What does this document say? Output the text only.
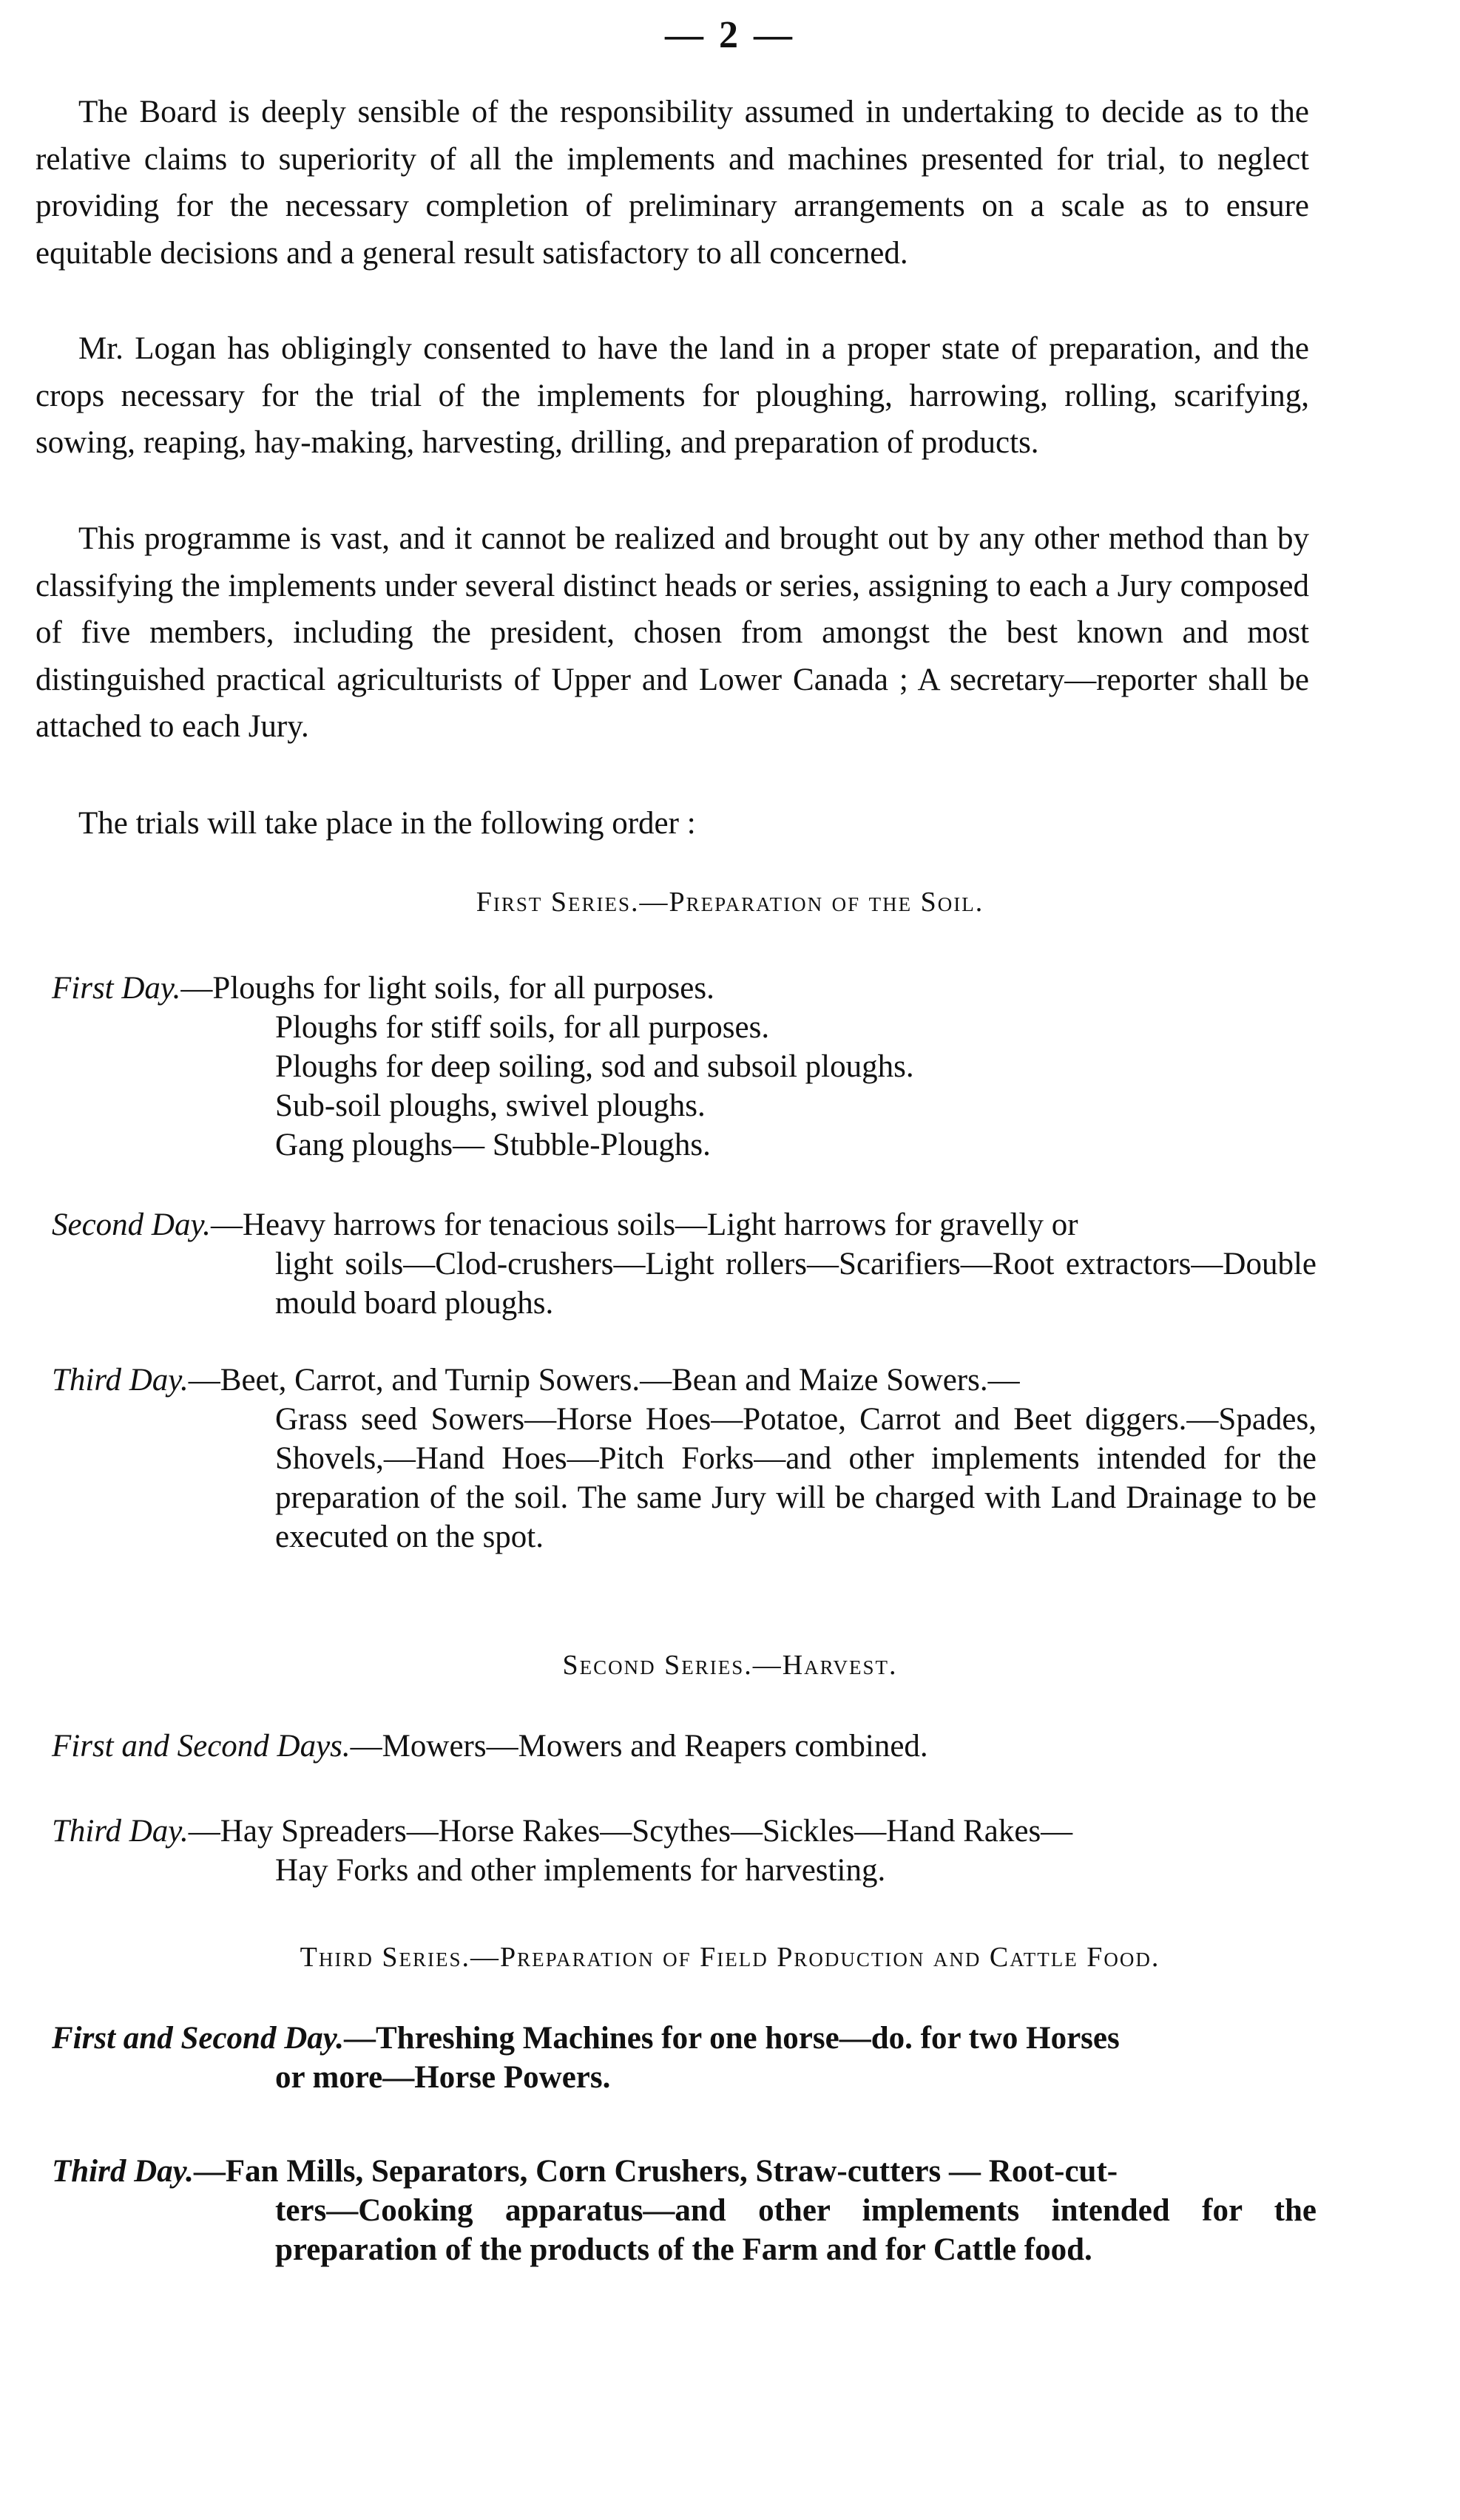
— 2 —

The Board is deeply sensible of the responsibility assumed in undertaking to decide as to the relative claims to superiority of all the implements and machines presented for trial, to neglect providing for the necessary completion of preliminary arrangements on a scale as to ensure equitable decisions and a general result satisfactory to all concerned.

Mr. Logan has obligingly consented to have the land in a proper state of preparation, and the crops necessary for the trial of the implements for ploughing, harrowing, rolling, scarifying, sowing, reaping, hay-making, harvesting, drilling, and preparation of products.

This programme is vast, and it cannot be realized and brought out by any other method than by classifying the implements under several distinct heads or series, assigning to each a Jury composed of five members, including the president, chosen from amongst the best known and most distinguished practical agriculturists of Upper and Lower Canada ; A secretary—reporter shall be attached to each Jury.

The trials will take place in the following order :

First Series.—Preparation of the Soil.
First Day.—Ploughs for light soils, for all purposes.
Ploughs for stiff soils, for all purposes.
Ploughs for deep soiling, sod and subsoil ploughs.
Sub-soil ploughs, swivel ploughs.
Gang ploughs— Stubble-Ploughs.
Second Day.—Heavy harrows for tenacious soils—Light harrows for gravelly or
light soils—Clod-crushers—Light rollers—Scarifiers—Root extractors—Double mould board ploughs.
Third Day.—Beet, Carrot, and Turnip Sowers.—Bean and Maize Sowers.—
Grass seed Sowers—Horse Hoes—Potatoe, Carrot and Beet diggers.—Spades, Shovels,—Hand Hoes—Pitch Forks—and other implements intended for the preparation of the soil. The same Jury will be charged with Land Drainage to be executed on the spot.
Second Series.—Harvest.
First and Second Days.—Mowers—Mowers and Reapers combined.
Third Day.—Hay Spreaders—Horse Rakes—Scythes—Sickles—Hand Rakes—
Hay Forks and other implements for harvesting.
Third Series.—Preparation of Field Production and Cattle Food.
First and Second Day.—Threshing Machines for one horse—do. for two Horses
or more—Horse Powers.
Third Day.—Fan Mills, Separators, Corn Crushers, Straw-cutters — Root-cut-
ters—Cooking apparatus—and other implements intended for the preparation of the products of the Farm and for Cattle food.
